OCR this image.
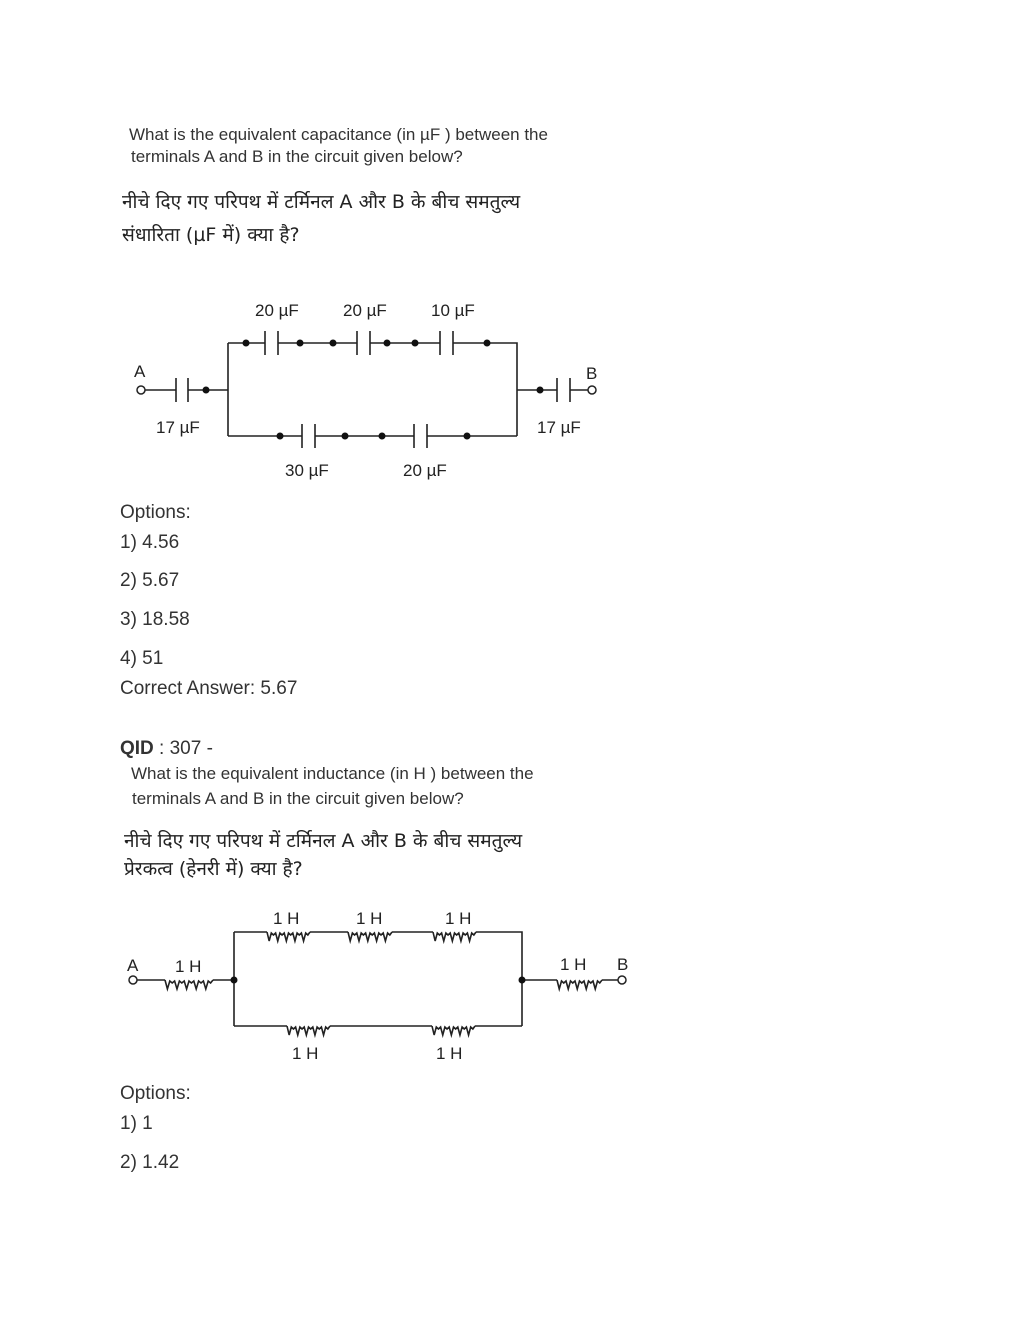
What is the equivalent capacitance (in µF ) between the
terminals A and B in the circuit given below?
नीचे दिए गए परिपथ में टर्मिनल A और B के बीच समतुल्य
संधारिता (µF में) क्या है?
A	B
17 µF	17 µF
20 µF	20 µF	10 µF
30 µF	20 µF
A	B
1 H	1 H
1 H	1 H	1 H
1 H	1 H
Options:
1) 4.56
2) 5.67
3) 18.58
4) 51
Correct Answer: 5.67
QID : 307 -
What is the equivalent inductance (in H ) between the
terminals A and B in the circuit given below?
नीचे दिए गए परिपथ में टर्मिनल A और B के बीच समतुल्य
प्रेरकत्व (हेनरी में) क्या है?
Options:
1) 1
2) 1.42
